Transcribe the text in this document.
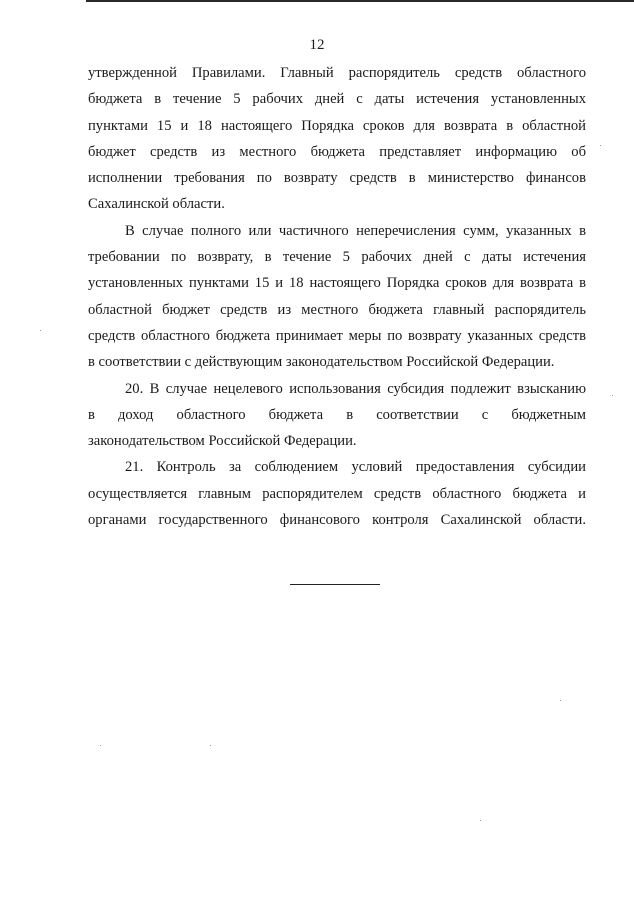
12
утвержденной Правилами. Главный распорядитель средств областного
бюджета в течение 5 рабочих дней с даты истечения установленных
пунктами 15 и 18 настоящего Порядка сроков для возврата в областной
бюджет средств из местного бюджета представляет информацию об
исполнении требования по возврату средств в министерство финансов
Сахалинской области.
В случае полного или частичного неперечисления сумм, указанных в
требовании по возврату, в течение 5 рабочих дней с даты истечения
установленных пунктами 15 и 18 настоящего Порядка сроков для возврата в
областной бюджет средств из местного бюджета главный распорядитель
средств областного бюджета принимает меры по возврату указанных средств
в соответствии с действующим законодательством Российской Федерации.
20. В случае нецелевого использования субсидия подлежит взысканию
в доход областного бюджета в соответствии с бюджетным
законодательством Российской Федерации.
21. Контроль за соблюдением условий предоставления субсидии
осуществляется главным распорядителем средств областного бюджета и
органами государственного финансового контроля Сахалинской области.
